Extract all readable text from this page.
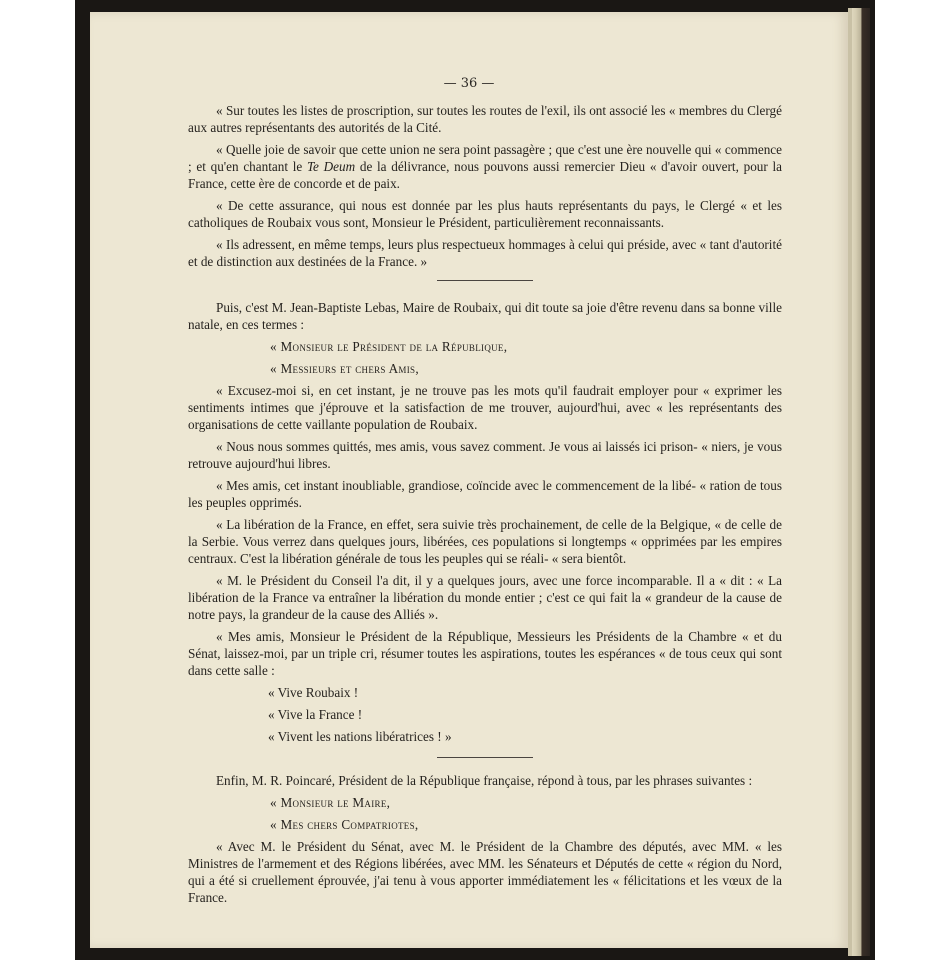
— 36 —

« Sur toutes les listes de proscription, sur toutes les routes de l'exil, ils ont associé les « membres du Clergé aux autres représentants des autorités de la Cité.

« Quelle joie de savoir que cette union ne sera point passagère ; que c'est une ère nouvelle qui « commence ; et qu'en chantant le Te Deum de la délivrance, nous pouvons aussi remercier Dieu « d'avoir ouvert, pour la France, cette ère de concorde et de paix.

« De cette assurance, qui nous est donnée par les plus hauts représentants du pays, le Clergé « et les catholiques de Roubaix vous sont, Monsieur le Président, particulièrement reconnaissants.

« Ils adressent, en même temps, leurs plus respectueux hommages à celui qui préside, avec « tant d'autorité et de distinction aux destinées de la France. »

Puis, c'est M. Jean-Baptiste Lebas, Maire de Roubaix, qui dit toute sa joie d'être revenu dans sa bonne ville natale, en ces termes :

« Monsieur le Président de la République,

« Messieurs et chers Amis,

« Excusez-moi si, en cet instant, je ne trouve pas les mots qu'il faudrait employer pour « exprimer les sentiments intimes que j'éprouve et la satisfaction de me trouver, aujourd'hui, avec « les représentants des organisations de cette vaillante population de Roubaix.

« Nous nous sommes quittés, mes amis, vous savez comment. Je vous ai laissés ici prison- « niers, je vous retrouve aujourd'hui libres.

« Mes amis, cet instant inoubliable, grandiose, coïncide avec le commencement de la libé- « ration de tous les peuples opprimés.

« La libération de la France, en effet, sera suivie très prochainement, de celle de la Belgique, « de celle de la Serbie. Vous verrez dans quelques jours, libérées, ces populations si longtemps « opprimées par les empires centraux. C'est la libération générale de tous les peuples qui se réali- « sera bientôt.

« M. le Président du Conseil l'a dit, il y a quelques jours, avec une force incomparable. Il a « dit : « La libération de la France va entraîner la libération du monde entier ; c'est ce qui fait la « grandeur de la cause de notre pays, la grandeur de la cause des Alliés ».

« Mes amis, Monsieur le Président de la République, Messieurs les Présidents de la Chambre « et du Sénat, laissez-moi, par un triple cri, résumer toutes les aspirations, toutes les espérances « de tous ceux qui sont dans cette salle :

« Vive Roubaix !

« Vive la France !

« Vivent les nations libératrices ! »

Enfin, M. R. Poincaré, Président de la République française, répond à tous, par les phrases suivantes :

« Monsieur le Maire,

« Mes chers Compatriotes,

« Avec M. le Président du Sénat, avec M. le Président de la Chambre des députés, avec MM. « les Ministres de l'armement et des Régions libérées, avec MM. les Sénateurs et Députés de cette « région du Nord, qui a été si cruellement éprouvée, j'ai tenu à vous apporter immédiatement les « félicitations et les vœux de la France.
